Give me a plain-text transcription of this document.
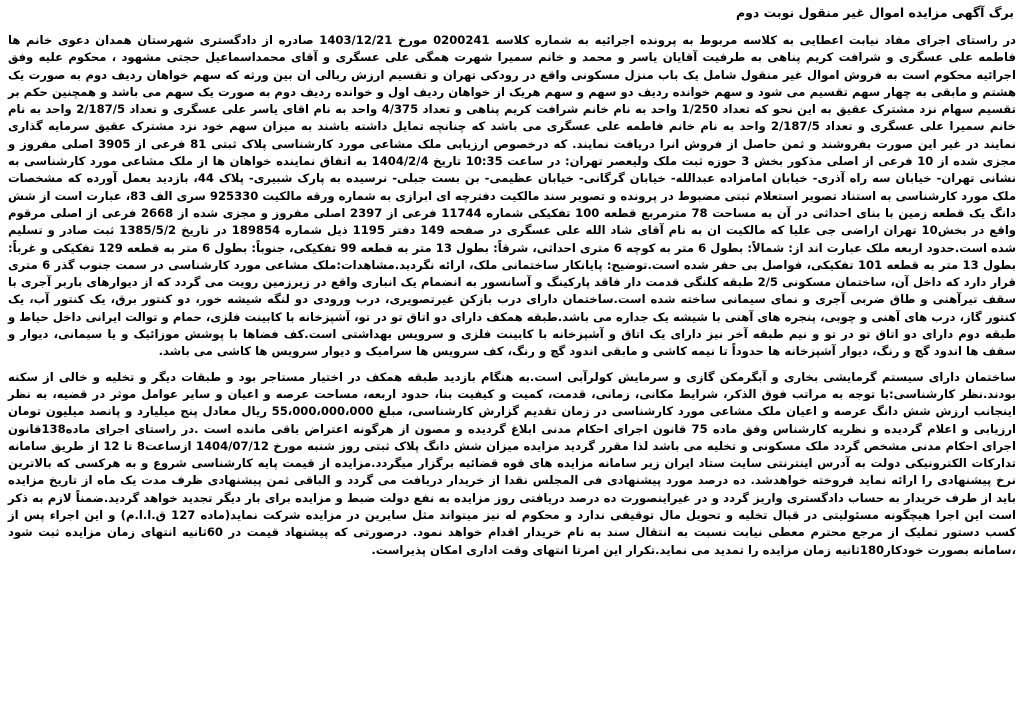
برگ آگهی مزایده اموال غیر منقول نوبت دوم

در راستای اجرای مفاد نیابت اعطایی به کلاسه مربوط به پرونده اجرائیه به شماره کلاسه 0200241 مورخ 1403/12/21 صادره از دادگستری شهرستان همدان دعوی خانم ها فاطمه علی عسگری و شرافت کریم پناهی به طرفیت آقایان یاسر و محمد و خانم سمیرا شهرت همگی علی عسگری و آقای محمداسماعیل حجتی مشهود ، محکوم علیه وفق اجرائیه محکوم است به فروش اموال غیر منقول شامل یک باب منزل مسکونی واقع در رودکی تهران و تقسیم ارزش ریالی ان بین ورثه که سهم خواهان ردیف دوم به صورت یک هشتم و مابقی به چهار سهم تقسیم می شود و سهم خوانده ردیف دو سهم و سهم هریک از خواهان ردیف اول و خوانده ردیف دوم به صورت یک سهم می باشد و همچنین حکم بر تقسیم سهام نزد مشترک عقیق به این نحو که تعداد 1/250 واحد به نام خانم شرافت کریم پناهی و تعداد 4/375 واحد به نام اقای یاسر علی عسگری و تعداد 2/187/5 واحد به نام خانم سمیرا علی عسگری و تعداد 2/187/5 واحد به نام خانم فاطمه علی عسگری می باشد که چنانچه تمایل داشته باشند به میزان سهم خود نزد مشترک عقیق سرمایه گذاری نمایند در غیر این صورت بفروشند و ثمن حاصل از فروش انرا دریافت نمایند. که درخصوص ارزیابی ملک مشاعی مورد کارشناسی پلاک ثبتی 81 فرعی از 3905 اصلی مفروز و مجزی شده از 10 فرعی از اصلی مذکور بخش 3 حوزه ثبت ملک ولیعصر تهران: در ساعت 10:35 تاریخ 1404/2/4 به اتفاق نماینده خواهان ها از ملک مشاعی مورد کارشناسی به نشانی تهران- خیابان سه راه آذری- خیابان امامزاده عبدالله- خیابان گرگانی- خیابان عظیمی- بن بست جبلی- نرسیده به پارک شبیری- پلاک 44، بازدید بعمل آورده که مشخصات ملک مورد کارشناسی به استناد تصویر استعلام ثبتی مضبوط در پرونده و تصویر سند مالکیت دفترچه ای ابرازی به شماره ورقه مالکیت 925330 سری الف 83، عبارت است از شش دانگ یک قطعه زمین با بنای احداثی در آن به مساحت 78 مترمربع قطعه 100 تفکیکی شماره 11744 فرعی از 2397 اصلی مفروز و مجزی شده از 2668 فرعی از اصلی مرقوم واقع در بخش10 تهران اراضی جی علیا که مالکیت ان به نام آقای شاد الله علی عسگری در صفحه 149 دفتر 1195 ذیل شماره 189854 در تاریخ 1385/5/2 ثبت صادر و تسلیم شده است.حدود اربعه ملک عبارت اند از: شمالاً: بطول 6 متر به کوچه 6 متری احداثی، شرقاً: بطول 13 متر به قطعه 99 تفکیکی، جنوباً: بطول 6 متر به قطعه 129 تفکیکی و غرباً: بطول 13 متر به قطعه 101 تفکیکی، فواصل بی حفر شده است.توضیح: پایانکار ساختمانی ملک، ارائه نگردید.مشاهدات:ملک مشاعی مورد کارشناسی در سمت جنوب گذر 6 متری قرار دارد که داخل آن، ساختمان مسکونی 2/5 طبقه کلنگی قدمت دار فاقد پارکینگ و آسانسور به انضمام یک انباری واقع در زیرزمین رویت می گردد که از دیوارهای باربر آجری با سقف تیرآهنی و طاق ضربی آجری و نمای سیمانی ساخته شده است.ساختمان دارای درب بازکن غیرتصویری، درب ورودی دو لنگه شیشه خور، دو کنتور برق، یک کنتور آب، یک کنتور گاز، درب های آهنی و چوبی، پنجره های آهنی با شیشه یک جداره می باشد.طبقه همکف دارای دو اتاق تو در تو، آشپزخانه با کابینت فلزی، حمام و توالت ایرانی داخل حیاط و طبقه دوم دارای دو اتاق تو در تو و نیم طبقه آخر نیز دارای یک اتاق و آشپزخانه با کابینت فلزی و سرویس بهداشتی است.کف فضاها با پوشش موزائیک و یا سیمانی، دیوار و سقف ها اندود گچ و رنگ، دیوار آشپزخانه ها حدوداً تا نیمه کاشی و مابقی اندود گچ و رنگ، کف سرویس ها سرامیک و دیوار سرویس ها کاشی می باشد.

ساختمان دارای سیستم گرمایشی بخاری و آبگرمکن گازی و سرمایش کولرآبی است.به هنگام بازدید طبقه همکف در اختیار مستاجر بود و طبقات دیگر و تخلیه و خالی از سکنه بودند.نظر کارشناسی:با توجه به مراتب فوق الذکر، شرایط مکانی، زمانی، قدمت، کمیت و کیفیت بنا، حدود اربعه، مساحت عرصه و اعیان و سایر عوامل موثر در قضیه، به نظر اینجانب ارزش شش دانگ عرصه و اعیان ملک مشاعی مورد کارشناسی در زمان تقدیم گزارش کارشناسی، مبلغ 55،000،000،000 ریال معادل پنج میلیارد و پانصد میلیون تومان ارزیابی و اعلام گردیده و نظریه کارشناس وفق ماده 75 قانون اجرای احکام مدنی ابلاغ گردیده و مصون از هرگونه اعتراض باقی مانده است .در راستای اجرای ماده138قانون اجرای احکام مدنی مشخص گردد ملک مسکونی و تخلیه می باشد لذا مقرر گردید مزایده میزان شش دانگ پلاک ثبتی روز شنبه مورخ 1404/07/12 ازساعت8 تا 12 از طریق سامانه تدارکات الکترونیکی دولت به آدرس اینترنتی سایت ستاد ایران زیر سامانه مزایده های قوه قضائیه برگزار میگردد.مزایده از قیمت پایه کارشناسی شروع و به هرکسی که بالاترین نرخ پیشنهادی را ارائه نماید فروخته خواهدشد. ده درصد مورد پیشنهادی فی المجلس نقدا از خریدار دریافت می گردد و الباقی ثمن پیشنهادی ظرف مدت یک ماه از تاریخ مزایده باید از طرف خریدار به حساب دادگستری واریز گردد و در غیراینصورت ده درصد دریافتی روز مزایده به نفع دولت ضبط و مزایده برای بار دیگر تجدید خواهد گردید.ضمناً لازم به ذکر است این اجرا هیچگونه مسئولیتی در قبال تخلیه و تحویل مال توقیفی ندارد و محکوم له نیز میتواند مثل سایرین در مزایده شرکت نماید(ماده 127 ق.ا.ا.م) و این اجراء پس از کسب دستور تملیک از مرجع محترم معطی نیابت نسبت به انتقال سند به نام خریدار اقدام خواهد نمود. درصورتی که پیشنهاد قیمت در 60ثانیه انتهای زمان مزایده ثبت شود ،سامانه بصورت خودکار180ثانیه زمان مزایده را تمدید می نماید.تکرار این امرتا انتهای وقت اداری امکان پذیراست.
